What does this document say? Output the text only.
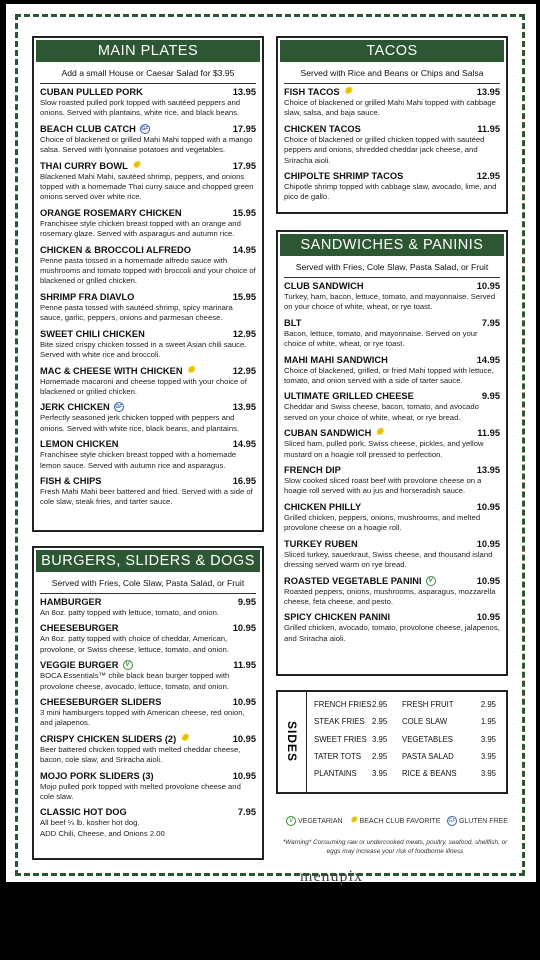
MAIN PLATES
Add a small House or Caesar Salad for $3.95
CUBAN PULLED PORK	13.95
Slow roasted pulled pork topped with sautéed peppers and onions. Served with plantains, white rice, and black beans.
BEACH CLUB CATCH	GF	17.95
Choice of blackened or grilled Mahi Mahi topped with a mango salsa. Served with lyonnaise potatoes and vegetables.
THAI CURRY BOWL ✹	17.95
Blackened Mahi Mahi, sautéed shrimp, peppers, and onions topped with a homemade Thai curry sauce and chopped green onions served over white rice.
ORANGE ROSEMARY CHICKEN	15.95
Franchisee style chicken breast topped with an orange and rosemary glaze. Served with asparagus and autumn rice.
CHICKEN & BROCCOLI ALFREDO	14.95
Penne pasta tossed in a homemade alfredo sauce with mushrooms and tomato topped with broccoli and your choice of blackened or grilled chicken.
SHRIMP FRA DIAVLO	15.95
Penne pasta tossed with sautéed shrimp, spicy marinara sauce, garlic, peppers, onions and parmesan cheese.
SWEET CHILI CHICKEN	12.95
Bite sized crispy chicken tossed in a sweet Asian chili sauce. Served with white rice and broccoli.
MAC & CHEESE WITH CHICKEN ✹	12.95
Homemade macaroni and cheese topped with your choice of blackened or grilled chicken.
JERK CHICKEN	GF	13.95
Perfectly seasoned jerk chicken topped with peppers and onions. Served with white rice, black beans, and plantains.
LEMON CHICKEN	14.95
Franchisee style chicken breast topped with a homemade lemon sauce. Served with autumn rice and asparagus.
FISH & CHIPS	16.95
Fresh Mahi Mahi beer battered and fried. Served with a side of cole slaw, steak fries, and tarter sauce.
BURGERS, SLIDERS & DOGS
Served with Fries, Cole Slaw, Pasta Salad, or Fruit
HAMBURGER	9.95
An 8oz. patty topped with lettuce, tomato, and onion.
CHEESEBURGER	10.95
An 8oz. patty topped with choice of cheddar, American, provolone, or Swiss cheese, lettuce, tomato, and onion.
VEGGIE BURGER	V	11.95
BOCA Essentials™ chile black bean burger topped with provolone cheese, avocado, lettuce, tomato, and onion.
CHEESEBURGER SLIDERS	10.95
3 mini hamburgers topped with American cheese, red onion, and jalapenos.
CRISPY CHICKEN SLIDERS (2) ✹	10.95
Beer battered chicken topped with melted cheddar cheese, bacon, cole slaw, and Sriracha aioli.
MOJO PORK SLIDERS (3)	10.95
Mojo pulled pork topped with melted provolone cheese and cole slaw.
CLASSIC HOT DOG	7.95
All beef ¼ lb. kosher hot dog.
ADD Chili, Cheese, and Onions 2.00
TACOS
Served with Rice and Beans or Chips and Salsa
FISH TACOS ✹	13.95
Choice of blackened or grilled Mahi Mahi topped with cabbage slaw, salsa, and baja sauce.
CHICKEN TACOS	11.95
Choice of blackened or grilled chicken topped with sautéed peppers and onions, shredded cheddar jack cheese, and Sriracha aioli.
CHIPOLTE SHRIMP TACOS	12.95
Chipotle shrimp topped with cabbage slaw, avocado, lime, and pico de gallo.
SANDWICHES & PANINIS
Served with Fries, Cole Slaw, Pasta Salad, or Fruit
CLUB SANDWICH	10.95
Turkey, ham, bacon, lettuce, tomato, and mayonnaise. Served on your choice of white, wheat, or rye toast.
BLT	7.95
Bacon, lettuce, tomato, and mayonnaise. Served on your choice of white, wheat, or rye toast.
MAHI MAHI SANDWICH	14.95
Choice of blackened, grilled, or fried Mahi topped with lettuce, tomato, and onion served with a side of tarter sauce.
ULTIMATE GRILLED CHEESE	9.95
Cheddar and Swiss cheese, bacon, tomato, and avocado served on your choice of white, wheat, or rye bread.
CUBAN SANDWICH ✹	11.95
Sliced ham, pulled pork, Swiss cheese, pickles, and yellow mustard on a hoagie roll pressed to perfection.
FRENCH DIP	13.95
Slow cooked sliced roast beef with provolone cheese on a hoagie roll served with au jus and horseradish sauce.
CHICKEN PHILLY	10.95
Grilled chicken, peppers, onions, mushrooms, and melted provolone cheese on a hoagie roll.
TURKEY RUBEN	10.95
Sliced turkey, sauerkraut, Swiss cheese, and thousand island dressing served warm on rye bread.
ROASTED VEGETABLE PANINI	V	10.95
Roasted peppers, onions, mushrooms, asparagus, mozzarella cheese, feta cheese, and pesto.
SPICY CHICKEN PANINI	10.95
Grilled chicken, avocado, tomato, provolone cheese, jalapenos, and Sriracha aioli.
SIDES
FRENCH FRIES 2.95	FRESH FRUIT	2.95
STEAK FRIES 2.95	COLE SLAW	1.95
SWEET FRIES 3.95	VEGETABLES	3.95
TATER TOTS	2.95	PASTA SALAD	3.95
PLANTAINS	3.95	RICE & BEANS	3.95
V VEGETARIAN ✹ BEACH CLUB FAVORITE	GF GLUTEN FREE
*Warning* Consuming raw or undercooked meats, poultry, seafood, shellfish, or eggs may increase your risk of foodborne illness
menupix
